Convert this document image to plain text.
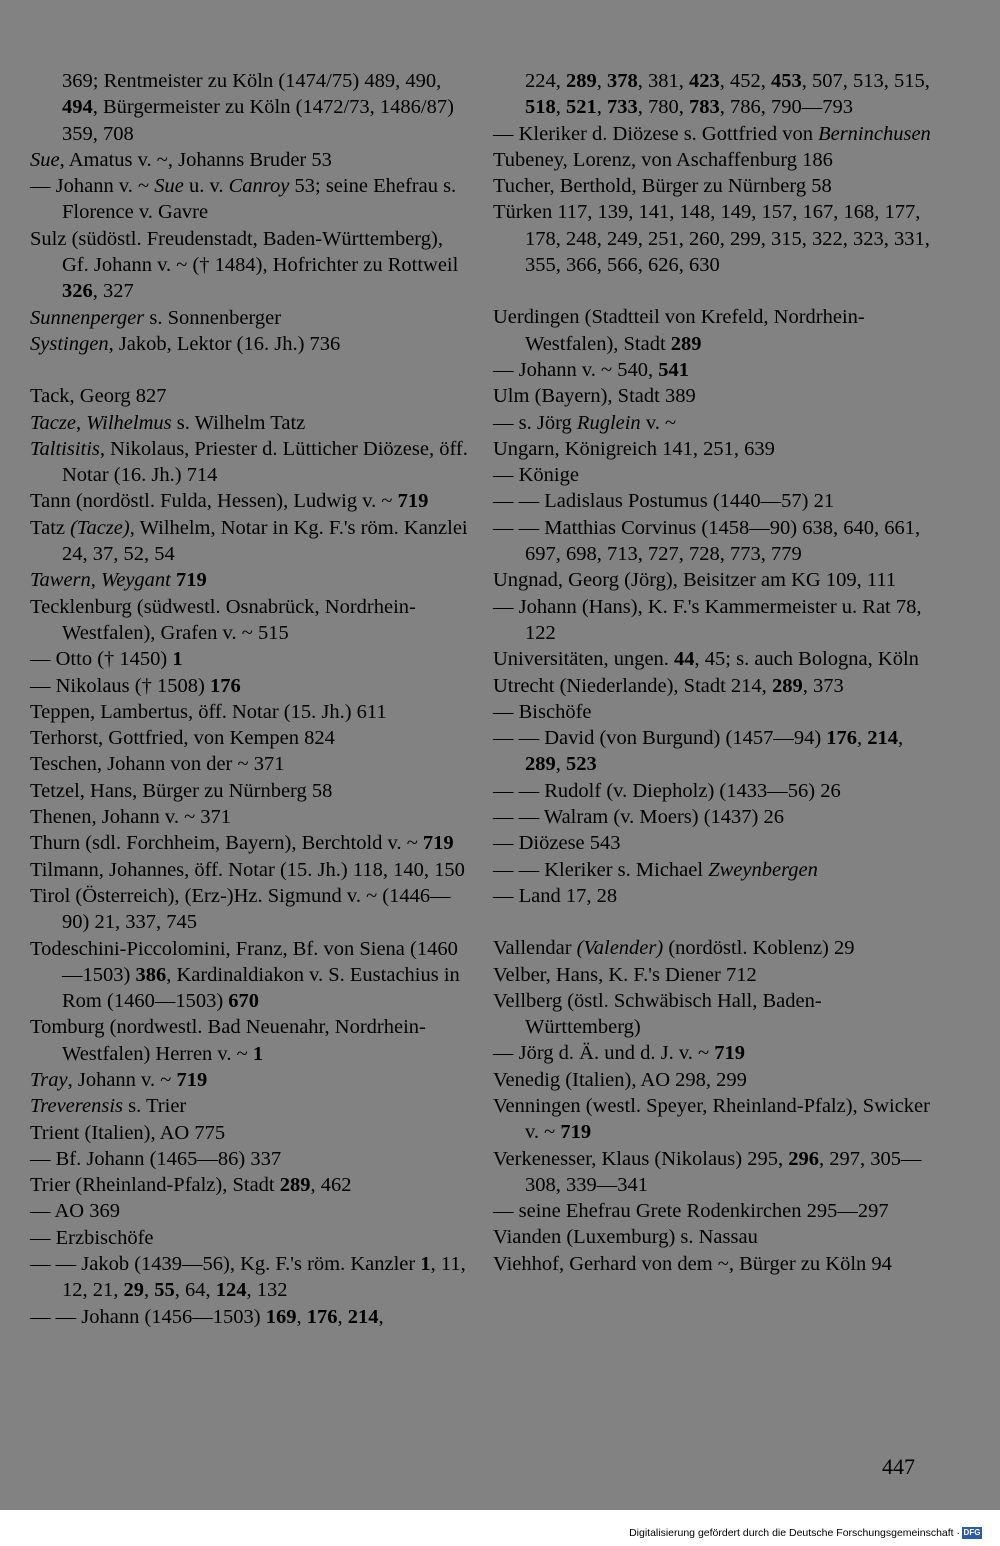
369; Rentmeister zu Köln (1474/75) 489, 490, 494, Bürgermeister zu Köln (1472/73, 1486/87) 359, 708

Sue, Amatus v. ~, Johanns Bruder 53

— Johann v. ~ Sue u. v. Canroy 53; seine Ehefrau s. Florence v. Gavre

Sulz (südöstl. Freudenstadt, Baden-Württemberg), Gf. Johann v. ~ († 1484), Hofrichter zu Rottweil 326, 327

Sunnenperger s. Sonnenberger

Systingen, Jakob, Lektor (16. Jh.) 736

Tack, Georg 827

Tacze, Wilhelmus s. Wilhelm Tatz

Taltisitis, Nikolaus, Priester d. Lütticher Diözese, öff. Notar (16. Jh.) 714

Tann (nordöstl. Fulda, Hessen), Ludwig v. ~ 719

Tatz (Tacze), Wilhelm, Notar in Kg. F.'s röm. Kanzlei 24, 37, 52, 54

Tawern, Weygant 719

Tecklenburg (südwestl. Osnabrück, Nordrhein-Westfalen), Grafen v. ~ 515

— Otto († 1450) 1

— Nikolaus († 1508) 176

Teppen, Lambertus, öff. Notar (15. Jh.) 611

Terhorst, Gottfried, von Kempen 824

Teschen, Johann von der ~ 371

Tetzel, Hans, Bürger zu Nürnberg 58

Thenen, Johann v. ~ 371

Thurn (sdl. Forchheim, Bayern), Berchtold v. ~ 719

Tilmann, Johannes, öff. Notar (15. Jh.) 118, 140, 150

Tirol (Österreich), (Erz-)Hz. Sigmund v. ~ (1446—90) 21, 337, 745

Todeschini-Piccolomini, Franz, Bf. von Siena (1460—1503) 386, Kardinaldiakon v. S. Eustachius in Rom (1460—1503) 670

Tomburg (nordwestl. Bad Neuenahr, Nordrhein-Westfalen) Herren v. ~ 1

Tray, Johann v. ~ 719

Treverensis s. Trier

Trient (Italien), AO 775

— Bf. Johann (1465—86) 337

Trier (Rheinland-Pfalz), Stadt 289, 462

— AO 369

— Erzbischöfe

— — Jakob (1439—56), Kg. F.'s röm. Kanzler 1, 11, 12, 21, 29, 55, 64, 124, 132

— — Johann (1456—1503) 169, 176, 214,

224, 289, 378, 381, 423, 452, 453, 507, 513, 515, 518, 521, 733, 780, 783, 786, 790—793

— Kleriker d. Diözese s. Gottfried von Berninchusen

Tubeney, Lorenz, von Aschaffenburg 186

Tucher, Berthold, Bürger zu Nürnberg 58

Türken 117, 139, 141, 148, 149, 157, 167, 168, 177, 178, 248, 249, 251, 260, 299, 315, 322, 323, 331, 355, 366, 566, 626, 630

Uerdingen (Stadtteil von Krefeld, Nordrhein-Westfalen), Stadt 289

— Johann v. ~ 540, 541

Ulm (Bayern), Stadt 389

— s. Jörg Ruglein v. ~

Ungarn, Königreich 141, 251, 639

— Könige

— — Ladislaus Postumus (1440—57) 21

— — Matthias Corvinus (1458—90) 638, 640, 661, 697, 698, 713, 727, 728, 773, 779

Ungnad, Georg (Jörg), Beisitzer am KG 109, 111

— Johann (Hans), K. F.'s Kammermeister u. Rat 78, 122

Universitäten, ungen. 44, 45; s. auch Bologna, Köln

Utrecht (Niederlande), Stadt 214, 289, 373

— Bischöfe

— — David (von Burgund) (1457—94) 176, 214, 289, 523

— — Rudolf (v. Diepholz) (1433—56) 26

— — Walram (v. Moers) (1437) 26

— Diözese 543

— — Kleriker s. Michael Zweynbergen

— Land 17, 28

Vallendar (Valender) (nordöstl. Koblenz) 29

Velber, Hans, K. F.'s Diener 712

Vellberg (östl. Schwäbisch Hall, Baden-Württemberg)

— Jörg d. Ä. und d. J. v. ~ 719

Venedig (Italien), AO 298, 299

Venningen (westl. Speyer, Rheinland-Pfalz), Swicker v. ~ 719

Verkenesser, Klaus (Nikolaus) 295, 296, 297, 305—308, 339—341

— seine Ehefrau Grete Rodenkirchen 295—297

Vianden (Luxemburg) s. Nassau

Viehhof, Gerhard von dem ~, Bürger zu Köln 94

447
Digitalisierung gefördert durch die Deutsche Forschungsgemeinschaft · DFG
